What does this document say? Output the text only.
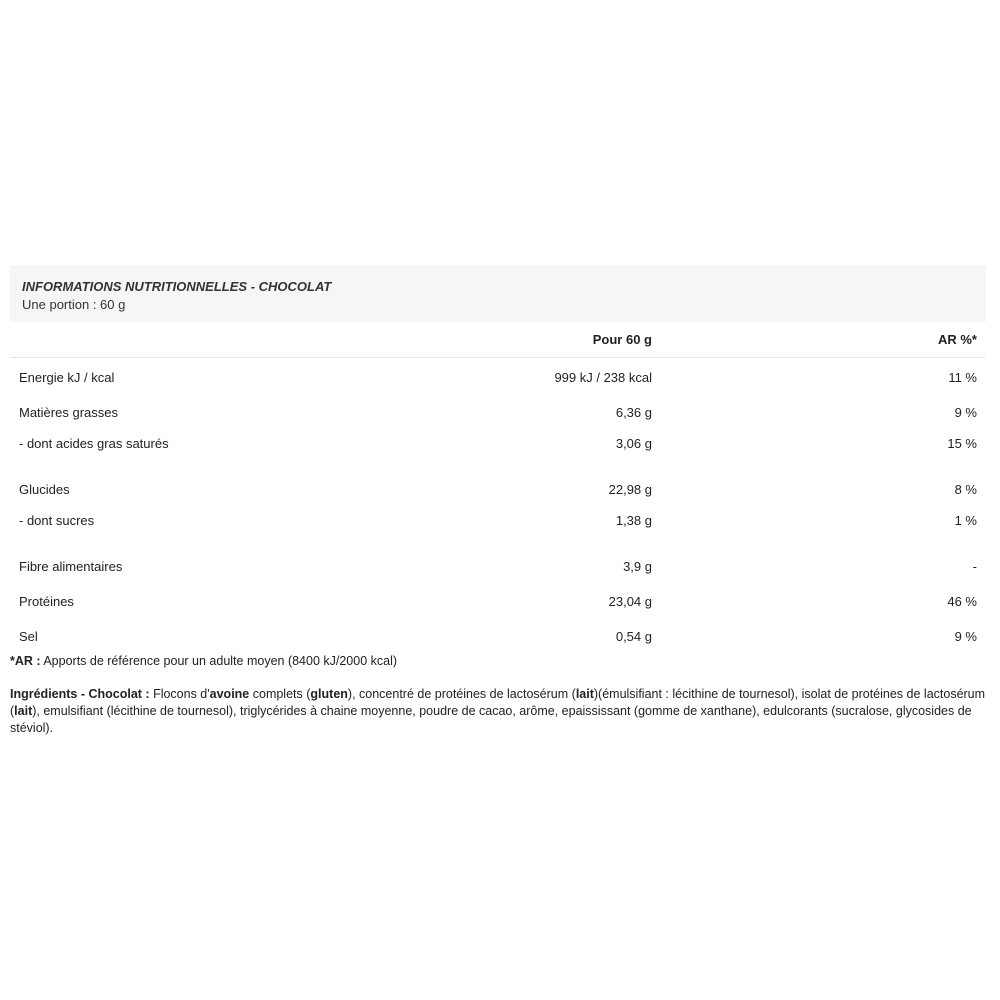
INFORMATIONS NUTRITIONNELLES - CHOCOLAT
Une portion : 60 g
Pour 60 g	AR %*
Energie kJ / kcal	999 kJ / 238 kcal	11 %
Matières grasses	6,36 g	9 %
- dont acides gras saturés	3,06 g	15 %
Glucides	22,98 g	8 %
- dont sucres	1,38 g	1 %
Fibre alimentaires	3,9 g	-
Protéines	23,04 g	46 %
Sel	0,54 g	9 %
*AR : Apports de référence pour un adulte moyen (8400 kJ/2000 kcal)
Ingrédients - Chocolat : Flocons d'avoine complets (gluten), concentré de protéines de lactosérum (lait)(émulsifiant : lécithine de tournesol), isolat de protéines de lactosérum (lait), emulsifiant (lécithine de tournesol), triglycérides à chaine moyenne, poudre de cacao, arôme, epaississant (gomme de xanthane), edulcorants (sucralose, glycosides de stéviol).
